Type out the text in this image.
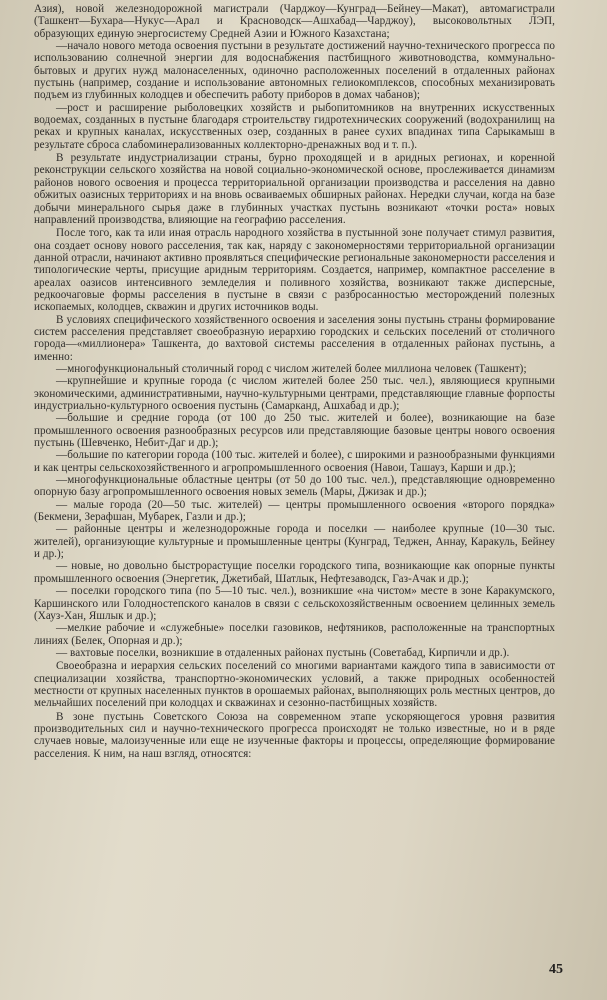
Азия), новой железнодорожной магистрали (Чарджоу—Кунград—Бейнеу—Макат), автомагистрали (Ташкент—Бухара—Нукус—Арал и Красноводск—Ашхабад—Чарджоу), высоковольтных ЛЭП, образующих единую энергосистему Средней Азии и Южного Казахстана;

—начало нового метода освоения пустыни в результате достижений научно-технического прогресса по использованию солнечной энергии для водоснабжения пастбищного животноводства, коммунально-бытовых и других нужд малонаселенных, одиночно расположенных поселений в отдаленных районах пустынь (например, создание и использование автономных гелиокомплексов, способных механизировать подъем из глубинных колодцев и обеспечить работу приборов в домах чабанов);

—рост и расширение рыболовецких хозяйств и рыбопитомников на внутренних искусственных водоемах, созданных в пустыне благодаря строительству гидротехнических сооружений (водохранилищ на реках и крупных каналах, искусственных озер, созданных в ранее сухих впадинах типа Сарыкамыш в результате сброса слабоминерализованных коллекторно-дренажных вод и т. п.).

В результате индустриализации страны, бурно проходящей и в аридных регионах, и коренной реконструкции сельского хозяйства на новой социально-экономической основе, прослеживается динамизм районов нового освоения и процесса территориальной организации производства и расселения на давно обжитых оазисных территориях и на вновь осваиваемых обширных районах. Нередки случаи, когда на базе добычи минерального сырья даже в глубинных участках пустынь возникают «точки роста» новых направлений производства, влияющие на географию расселения.

После того, как та или иная отрасль народного хозяйства в пустынной зоне получает стимул развития, она создает основу нового расселения, так как, наряду с закономерностями территориальной организации данной отрасли, начинают активно проявляться специфические региональные закономерности расселения и типологические черты, присущие аридным территориям. Создается, например, компактное расселение в ареалах оазисов интенсивного земледелия и поливного хозяйства, возникают также дисперсные, редкоочаговые формы расселения в пустыне в связи с разбросанностью месторождений полезных ископаемых, колодцев, скважин и других источников воды.

В условиях специфического хозяйственного освоения и заселения зоны пустынь страны формирование систем расселения представляет своеобразную иерархию городских и сельских поселений от столичного города—«миллионера» Ташкента, до вахтовой системы расселения в отдаленных районах пустынь, а именно:

—многофункциональный столичный город с числом жителей более миллиона человек (Ташкент);

—крупнейшие и крупные города (с числом жителей более 250 тыс. чел.), являющиеся крупными экономическими, административными, научно-культурными центрами, представляющие главные форпосты индустриально-культурного освоения пустынь (Самарканд, Ашхабад и др.);

—большие и средние города (от 100 до 250 тыс. жителей и более), возникающие на базе промышленного освоения разнообразных ресурсов или представляющие базовые центры нового освоения пустынь (Шевченко, Небит-Даг и др.);

—большие по категории города (100 тыс. жителей и более), с широкими и разнообразными функциями и как центры сельскохозяйственного и агропромышленного освоения (Навои, Ташауз, Карши и др.);

—многофункциональные областные центры (от 50 до 100 тыс. чел.), представляющие одновременно опорную базу агропромышленного освоения новых земель (Мары, Джизак и др.);

— малые города (20—50 тыс. жителей) — центры промышленного освоения «второго порядка» (Бекмени, Зерафшан, Мубарек, Газли и др.);

— районные центры и железнодорожные города и поселки — наиболее крупные (10—30 тыс. жителей), организующие культурные и промышленные центры (Кунград, Теджен, Аннау, Каракуль, Бейнеу и др.);

— новые, но довольно быстрорастущие поселки городского типа, возникающие как опорные пункты промышленного освоения (Энергетик, Джетибай, Шатлык, Нефтезаводск, Газ-Ачак и др.);

— поселки городского типа (по 5—10 тыс. чел.), возникшие «на чистом» месте в зоне Каракумского, Каршинского или Голодностепского каналов в связи с сельскохозяйственным освоением целинных земель (Хауз-Хан, Яшлык и др.);

—мелкие рабочие и «служебные» поселки газовиков, нефтяников, расположенные на транспортных линиях (Белек, Опорная и др.);

— вахтовые поселки, возникшие в отдаленных районах пустынь (Советабад, Кирпичли и др.).

Своеобразна и иерархия сельских поселений со многими вариантами каждого типа в зависимости от специализации хозяйства, транспортно-экономических условий, а также природных особенностей местности от крупных населенных пунктов в орошаемых районах, выполняющих роль местных центров, до мельчайших поселений при колодцах и скважинах и сезонно-пастбищных хозяйств.

В зоне пустынь Советского Союза на современном этапе ускоряющегося уровня развития производительных сил и научно-технического прогресса происходят не только известные, но и в ряде случаев новые, малоизученные или еще не изученные факторы и процессы, определяющие формирование расселения. К ним, на наш взгляд, относятся:

45
